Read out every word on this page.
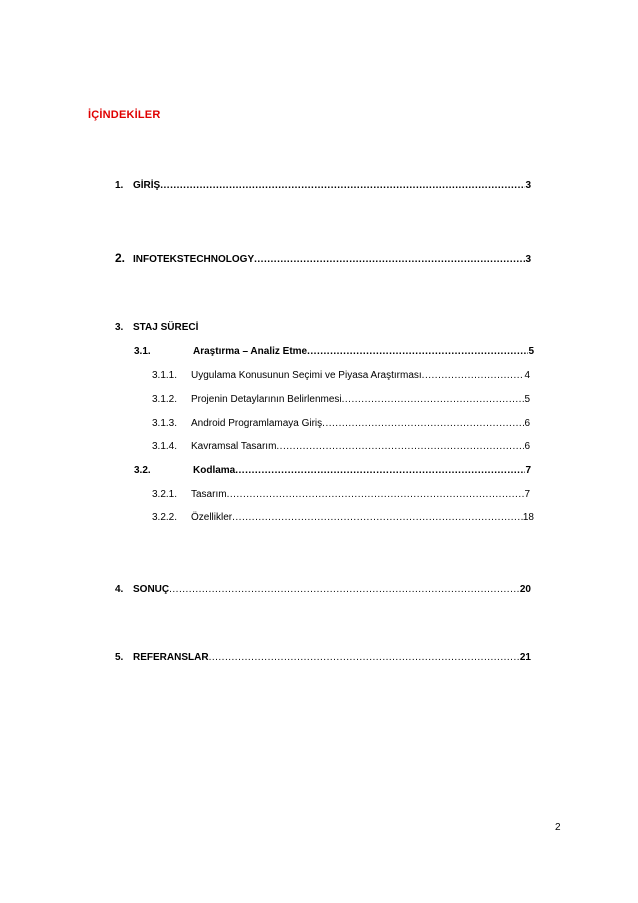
İÇİNDEKİLER
1. GİRİŞ .....	3
2. INFOTEKSTECHNOLOGY .....	3
3. STAJ SÜRECİ
3.1.	Araştırma – Analiz Etme .....	5
3.1.1.	Uygulama Konusunun Seçimi ve Piyasa Araştırması .....	4
3.1.2.	Projenin Detaylarının Belirlenmesi .....	5
3.1.3.	Android Programlamaya Giriş .....	6
3.1.4.	Kavramsal Tasarım .....	6
3.2.	Kodlama .....	7
3.2.1.	Tasarım .....	7
3.2.2.	Özellikler .....	18
4. SONUÇ .....	20
5. REFERANSLAR .....	21
2
